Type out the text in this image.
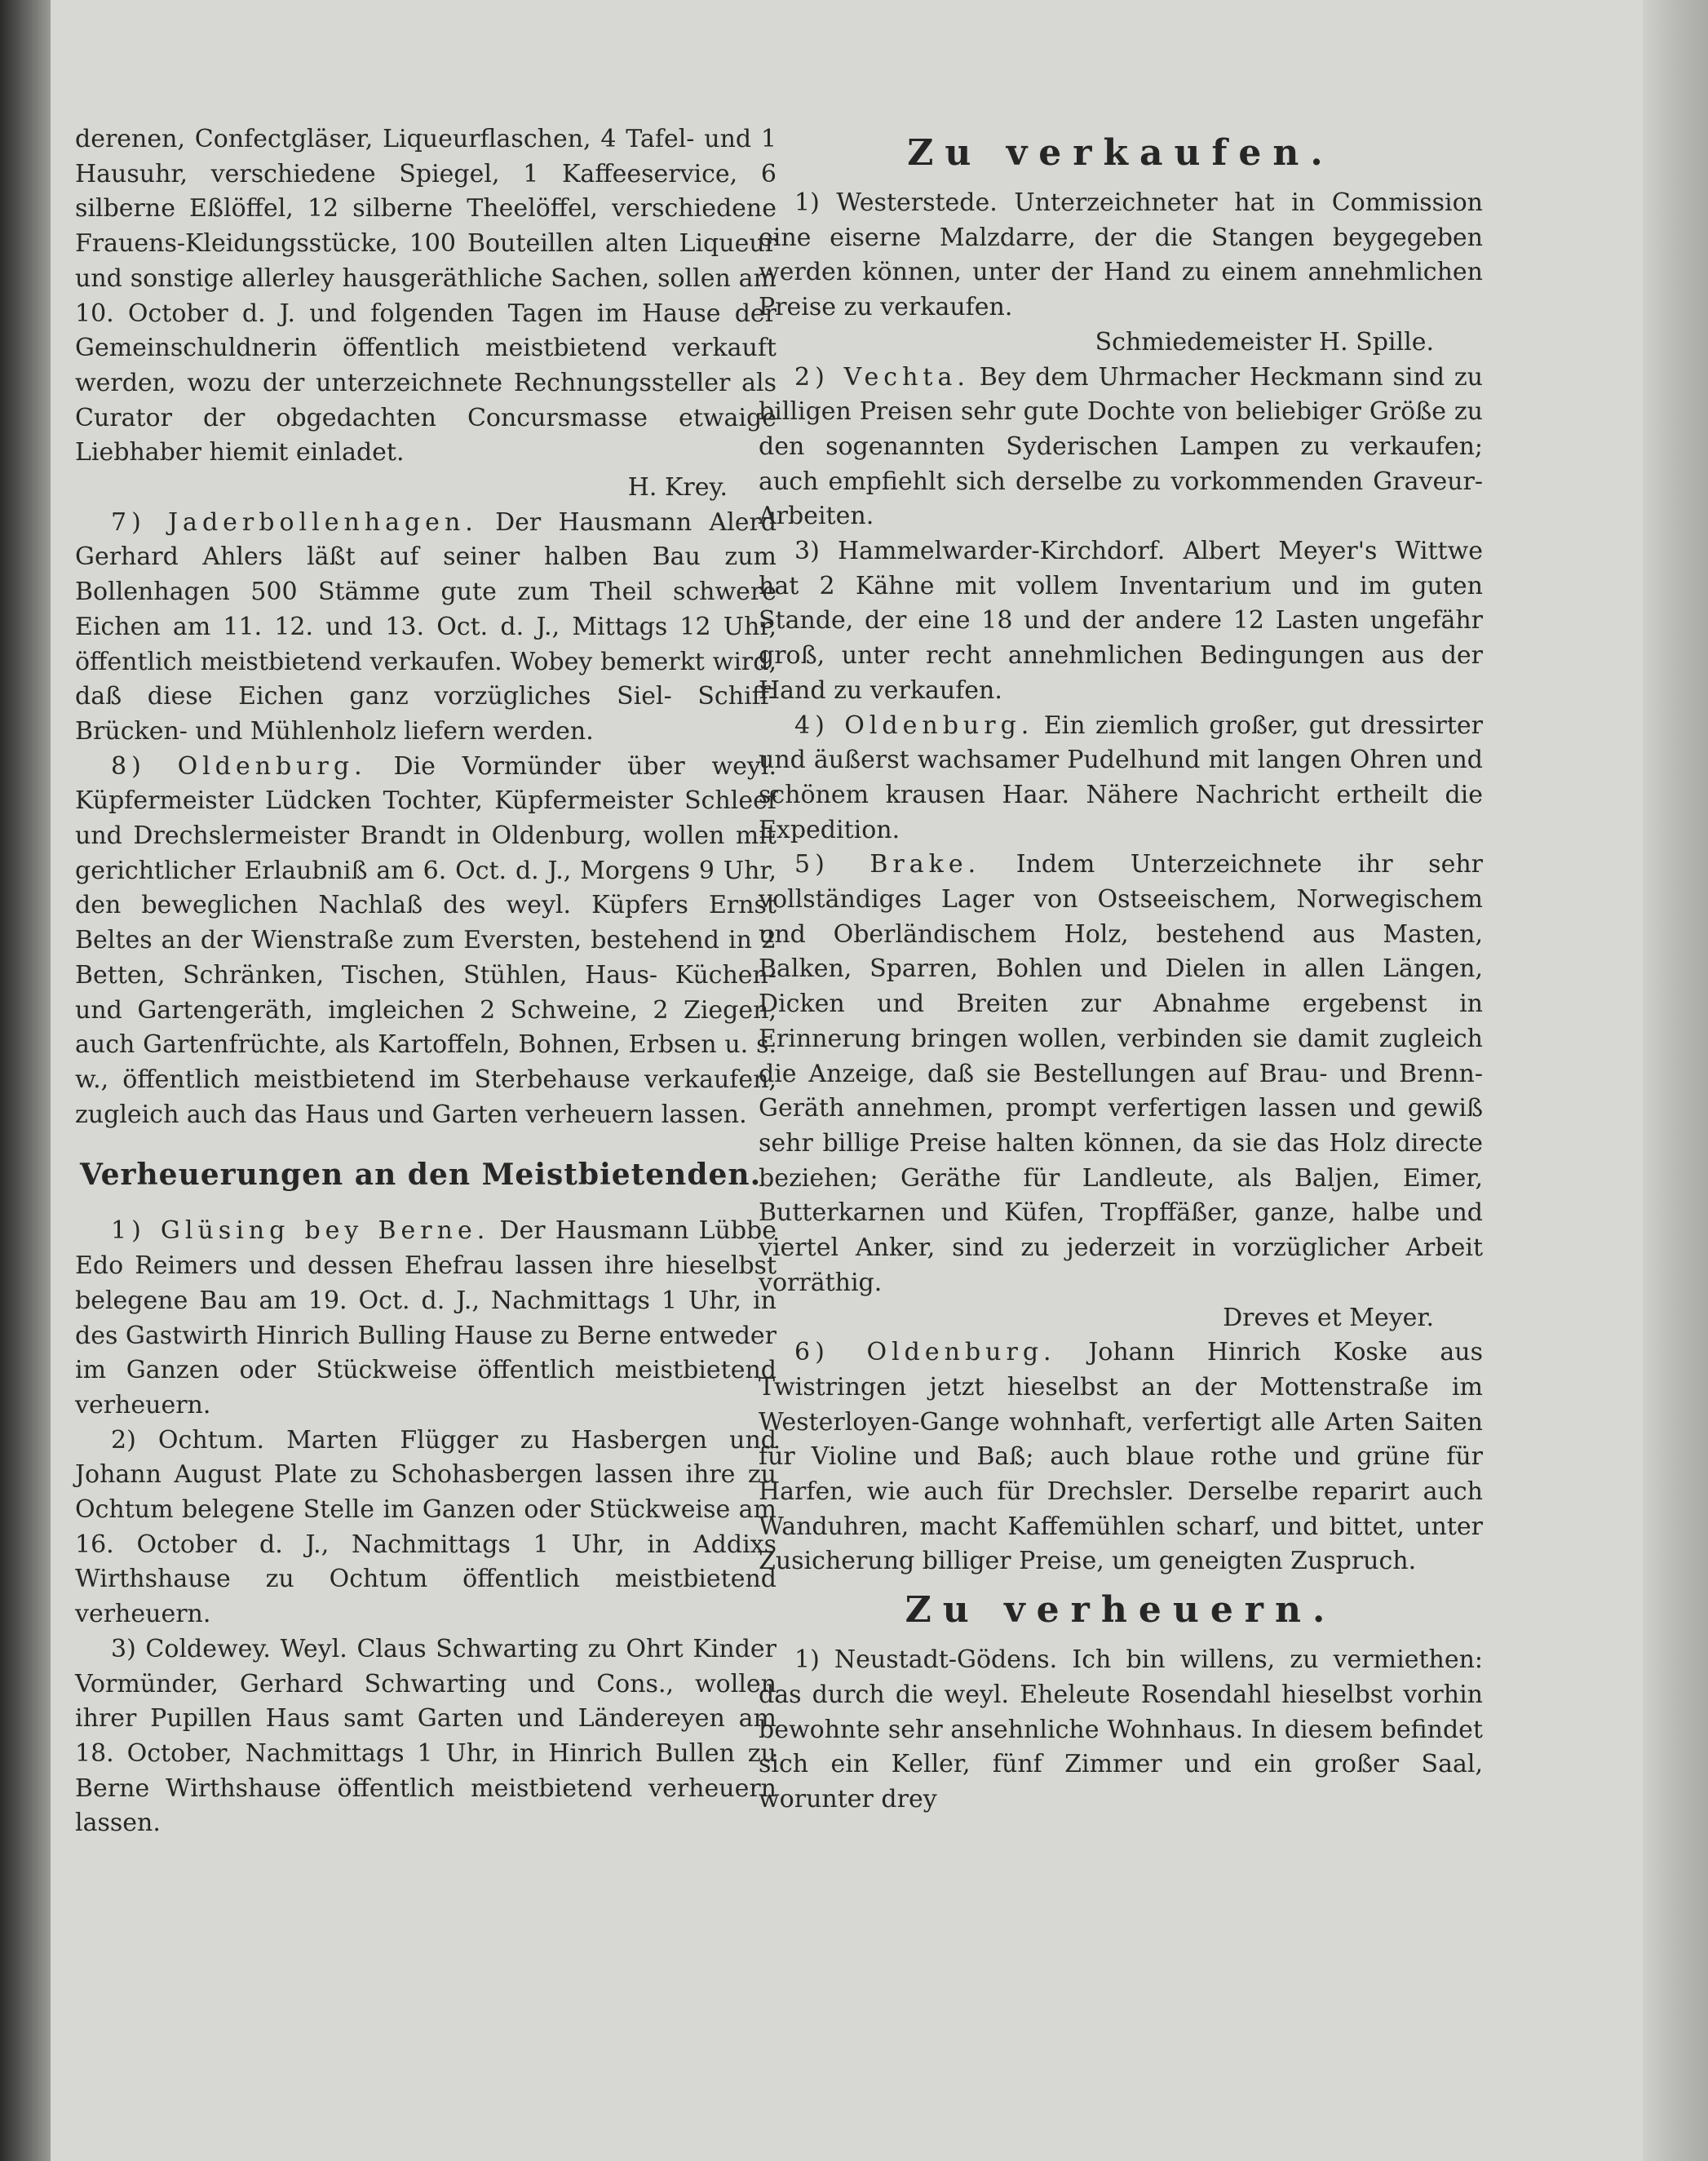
derenen, Confectgläser, Liqueurflaschen, 4 Tafel- und 1 Hausuhr, verschiedene Spiegel, 1 Kaffeeservice, 6 silberne Eßlöffel, 12 silberne Theelöffel, verschiedene Frauens-Kleidungsstücke, 100 Bouteillen alten Liqueur und sonstige allerley hausgeräthliche Sachen, sollen am 10. October d. J. und folgenden Tagen im Hause der Gemeinschuldnerin öffentlich meistbietend verkauft werden, wozu der unterzeichnete Rechnungssteller als Curator der obgedachten Concursmasse etwaige Liebhaber hiemit einladet.

H. Krey.

7) Jaderbollenhagen. Der Hausmann Alerd Gerhard Ahlers läßt auf seiner halben Bau zum Bollenhagen 500 Stämme gute zum Theil schwere Eichen am 11. 12. und 13. Oct. d. J., Mittags 12 Uhr, öffentlich meistbietend verkaufen. Wobey bemerkt wird, daß diese Eichen ganz vorzügliches Siel- Schiff- Brücken- und Mühlenholz liefern werden.

8) Oldenburg. Die Vormünder über weyl. Küpfermeister Lüdcken Tochter, Küpfermeister Schleef und Drechslermeister Brandt in Oldenburg, wollen mit gerichtlicher Erlaubniß am 6. Oct. d. J., Morgens 9 Uhr, den beweglichen Nachlaß des weyl. Küpfers Ernst Beltes an der Wienstraße zum Eversten, bestehend in 2 Betten, Schränken, Tischen, Stühlen, Haus- Küchen- und Gartengeräth, imgleichen 2 Schweine, 2 Ziegen, auch Gartenfrüchte, als Kartoffeln, Bohnen, Erbsen u. s. w., öffentlich meistbietend im Sterbehause verkaufen, zugleich auch das Haus und Garten verheuern lassen.

Verheuerungen an den Meistbietenden.

1) Glüsing bey Berne. Der Hausmann Lübbe Edo Reimers und dessen Ehefrau lassen ihre hieselbst belegene Bau am 19. Oct. d. J., Nachmittags 1 Uhr, in des Gastwirth Hinrich Bulling Hause zu Berne entweder im Ganzen oder Stückweise öffentlich meistbietend verheuern.

2) Ochtum. Marten Flügger zu Hasbergen und Johann August Plate zu Schohasbergen lassen ihre zu Ochtum belegene Stelle im Ganzen oder Stückweise am 16. October d. J., Nachmittags 1 Uhr, in Addixs Wirthshause zu Ochtum öffentlich meistbietend verheuern.

3) Coldewey. Weyl. Claus Schwarting zu Ohrt Kinder Vormünder, Gerhard Schwarting und Cons., wollen ihrer Pupillen Haus samt Garten und Ländereyen am 18. October, Nachmittags 1 Uhr, in Hinrich Bullen zu Berne Wirthshause öffentlich meistbietend verheuern lassen.

Zu verkaufen.

1) Westerstede. Unterzeichneter hat in Commission eine eiserne Malzdarre, der die Stangen beygegeben werden können, unter der Hand zu einem annehmlichen Preise zu verkaufen.

Schmiedemeister H. Spille.

2) Vechta. Bey dem Uhrmacher Heckmann sind zu billigen Preisen sehr gute Dochte von beliebiger Größe zu den sogenannten Syderischen Lampen zu verkaufen; auch empfiehlt sich derselbe zu vorkommenden Graveur-Arbeiten.

3) Hammelwarder-Kirchdorf. Albert Meyer's Wittwe hat 2 Kähne mit vollem Inventarium und im guten Stande, der eine 18 und der andere 12 Lasten ungefähr groß, unter recht annehmlichen Bedingungen aus der Hand zu verkaufen.

4) Oldenburg. Ein ziemlich großer, gut dressirter und äußerst wachsamer Pudelhund mit langen Ohren und schönem krausen Haar. Nähere Nachricht ertheilt die Expedition.

5) Brake. Indem Unterzeichnete ihr sehr vollständiges Lager von Ostseeischem, Norwegischem und Oberländischem Holz, bestehend aus Masten, Balken, Sparren, Bohlen und Dielen in allen Längen, Dicken und Breiten zur Abnahme ergebenst in Erinnerung bringen wollen, verbinden sie damit zugleich die Anzeige, daß sie Bestellungen auf Brau- und Brenn-Geräth annehmen, prompt verfertigen lassen und gewiß sehr billige Preise halten können, da sie das Holz directe beziehen; Geräthe für Landleute, als Baljen, Eimer, Butterkarnen und Küfen, Tropffäßer, ganze, halbe und viertel Anker, sind zu jederzeit in vorzüglicher Arbeit vorräthig.

Dreves et Meyer.

6) Oldenburg. Johann Hinrich Koske aus Twistringen jetzt hieselbst an der Mottenstraße im Westerloyen-Gange wohnhaft, verfertigt alle Arten Saiten für Violine und Baß; auch blaue rothe und grüne für Harfen, wie auch für Drechsler. Derselbe reparirt auch Wanduhren, macht Kaffemühlen scharf, und bittet, unter Zusicherung billiger Preise, um geneigten Zuspruch.

Zu verheuern.

1) Neustadt-Gödens. Ich bin willens, zu vermiethen: das durch die weyl. Eheleute Rosendahl hieselbst vorhin bewohnte sehr ansehnliche Wohnhaus. In diesem befindet sich ein Keller, fünf Zimmer und ein großer Saal, worunter drey
